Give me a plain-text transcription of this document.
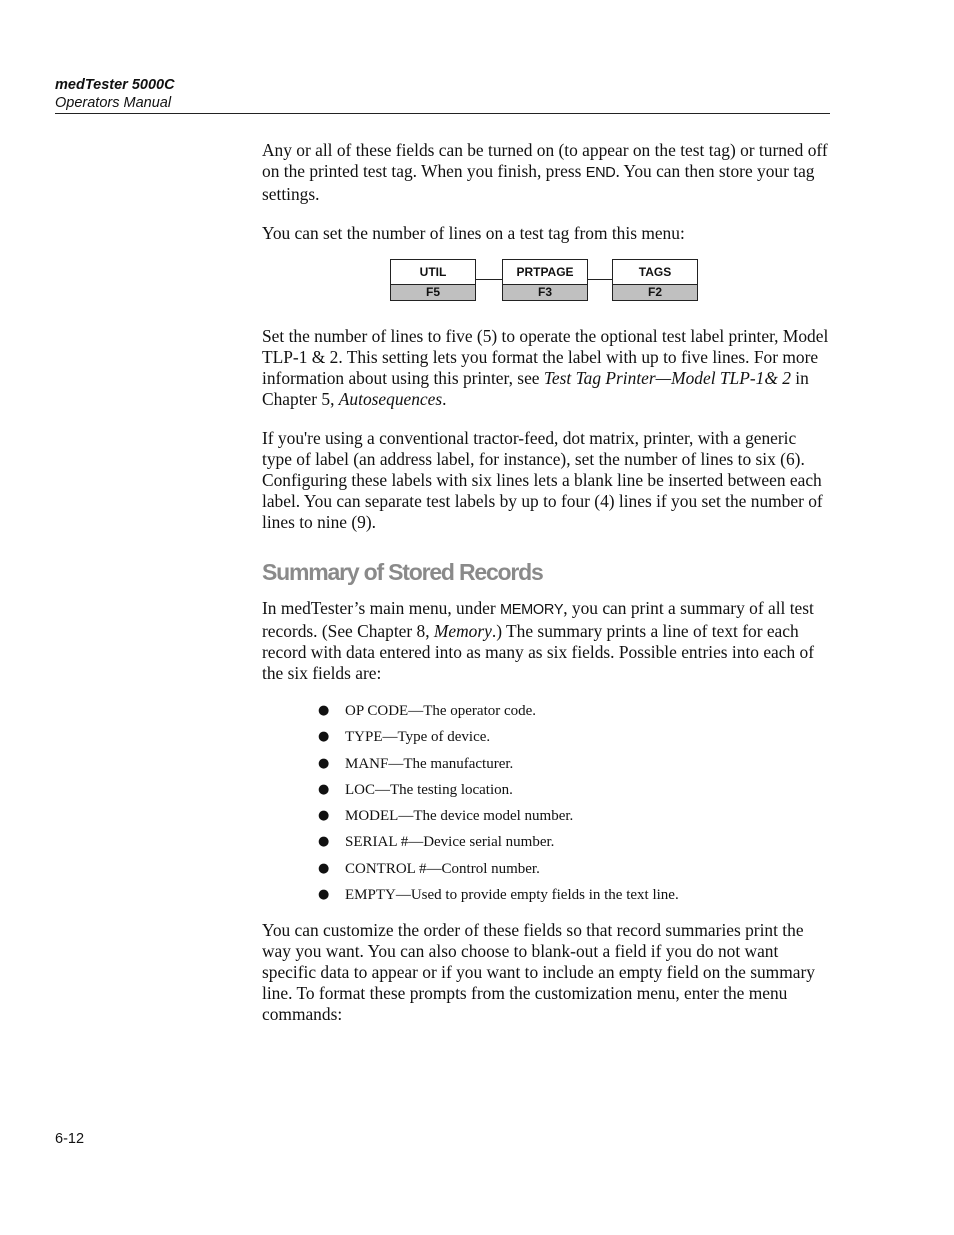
medTester 5000C
Operators Manual

Any or all of these fields can be turned on (to appear on the test tag) or turned off on the printed test tag. When you finish, press END. You can then store your tag settings.

You can set the number of lines on a test tag from this menu:

UTIL
F5
PRTPAGE
F3
TAGS
F2

Set the number of lines to five (5) to operate the optional test label printer, Model TLP-1 & 2. This setting lets you format the label with up to five lines. For more information about using this printer, see Test Tag Printer—Model TLP-1& 2 in Chapter 5, Autosequences.

If you're using a conventional tractor-feed, dot matrix, printer, with a generic type of label (an address label, for instance), set the number of lines to six (6). Configuring these labels with six lines lets a blank line be inserted between each label. You can separate test labels by up to four (4) lines if you set the number of lines to nine (9).

Summary of Stored Records

In medTester’s main menu, under MEMORY, you can print a summary of all test records. (See Chapter 8, Memory.) The summary prints a line of text for each record with data entered into as many as six fields. Possible entries into each of the six fields are:

● OP CODE—The operator code.
● TYPE—Type of device.
● MANF—The manufacturer.
● LOC—The testing location.
● MODEL—The device model number.
● SERIAL #—Device serial number.
● CONTROL #—Control number.
● EMPTY—Used to provide empty fields in the text line.

You can customize the order of these fields so that record summaries print the way you want. You can also choose to blank-out a field if you do not want specific data to appear or if you want to include an empty field on the summary line. To format these prompts from the customization menu, enter the menu commands:

6-12
